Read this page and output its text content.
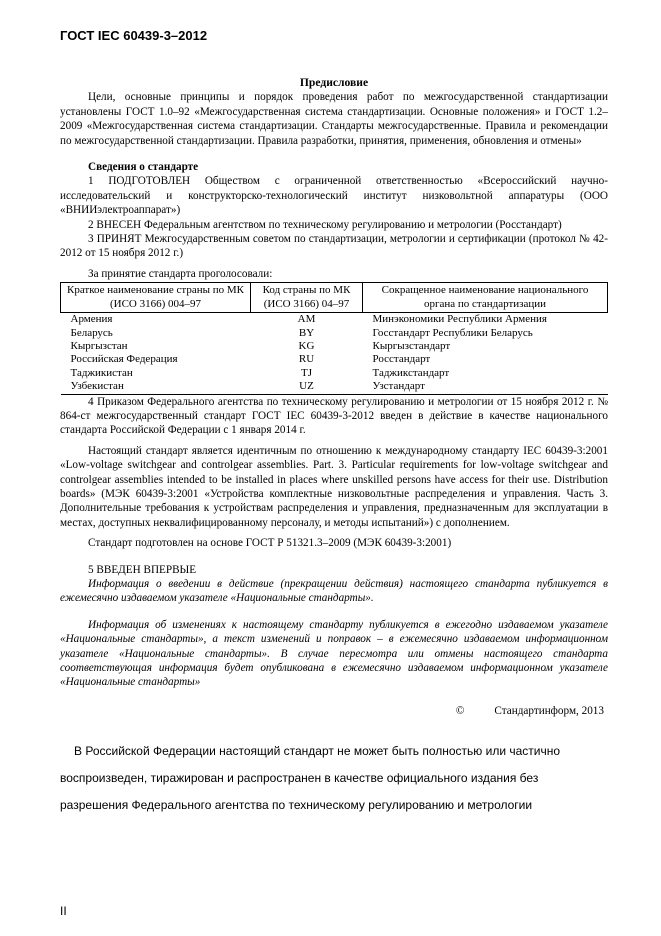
ГОСТ IEC 60439-3–2012
Предисловие
Цели, основные принципы и порядок проведения работ по межгосударственной стандартизации установлены ГОСТ 1.0–92 «Межгосударственная система стандартизации. Основные положения» и ГОСТ 1.2–2009 «Межгосударственная система стандартизации. Стандарты межгосударственные. Правила и рекомендации по межгосударственной стандартизации. Правила разработки, принятия, применения, обновления и отмены»
Сведения о стандарте
1 ПОДГОТОВЛЕН Обществом с ограниченной ответственностью «Всероссийский научно-исследовательский и конструкторско-технологический институт низковольтной аппаратуры (ООО «ВНИИэлектроаппарат»)
2 ВНЕСЕН Федеральным агентством по техническому регулированию и метрологии (Росстандарт)
3 ПРИНЯТ Межгосударственным советом по стандартизации, метрологии и сертификации (протокол № 42-2012 от 15 ноября 2012 г.)
За принятие стандарта проголосовали:
Краткое наименование страны по МК (ИСО 3166) 004–97	Код страны по МК (ИСО 3166) 04–97	Сокращенное наименование национального органа по стандартизации
Армения	AM	Минэкономики Республики Армения
Беларусь	BY	Госстандарт Республики Беларусь
Кыргызстан	KG	Кыргызстандарт
Российская Федерация	RU	Росстандарт
Таджикистан	TJ	Таджикстандарт
Узбекистан	UZ	Узстандарт
4 Приказом Федерального агентства по техническому регулированию и метрологии от 15 ноября 2012 г. № 864-ст межгосударственный стандарт ГОСТ IEC 60439-3-2012 введен в действие в качестве национального стандарта Российской Федерации с 1 января 2014 г.
Настоящий стандарт является идентичным по отношению к международному стандарту IEC 60439-3:2001 «Low-voltage switchgear and controlgear assemblies. Part. 3. Particular requirements for low-voltage switchgear and controlgear assemblies intended to be installed in places where unskilled persons have access for their use. Distribution boards» (МЭК 60439-3:2001 «Устройства комплектные низковольтные распределения и управления. Часть 3. Дополнительные требования к устройствам распределения и управления, предназначенным для эксплуатации в местах, доступных неквалифицированному персоналу, и методы испытаний») с дополнением.
Стандарт подготовлен на основе ГОСТ Р 51321.3–2009 (МЭК 60439-3:2001)
5 ВВЕДЕН ВПЕРВЫЕ
Информация о введении в действие (прекращении действия) настоящего стандарта публикуется в ежемесячно издаваемом указателе «Национальные стандарты».
Информация об изменениях к настоящему стандарту публикуется в ежегодно издаваемом указателе «Национальные стандарты», а текст изменений и поправок – в ежемесячно издаваемом информационном указателе «Национальные стандарты». В случае пересмотра или отмены настоящего стандарта соответствующая информация будет опубликована в ежемесячно издаваемом информационном указателе «Национальные стандарты»
©	Стандартинформ, 2013
В Российской Федерации настоящий стандарт не может быть полностью или частично воспроизведен, тиражирован и распространен в качестве официального издания без разрешения Федерального агентства по техническому регулированию и метрологии
II
